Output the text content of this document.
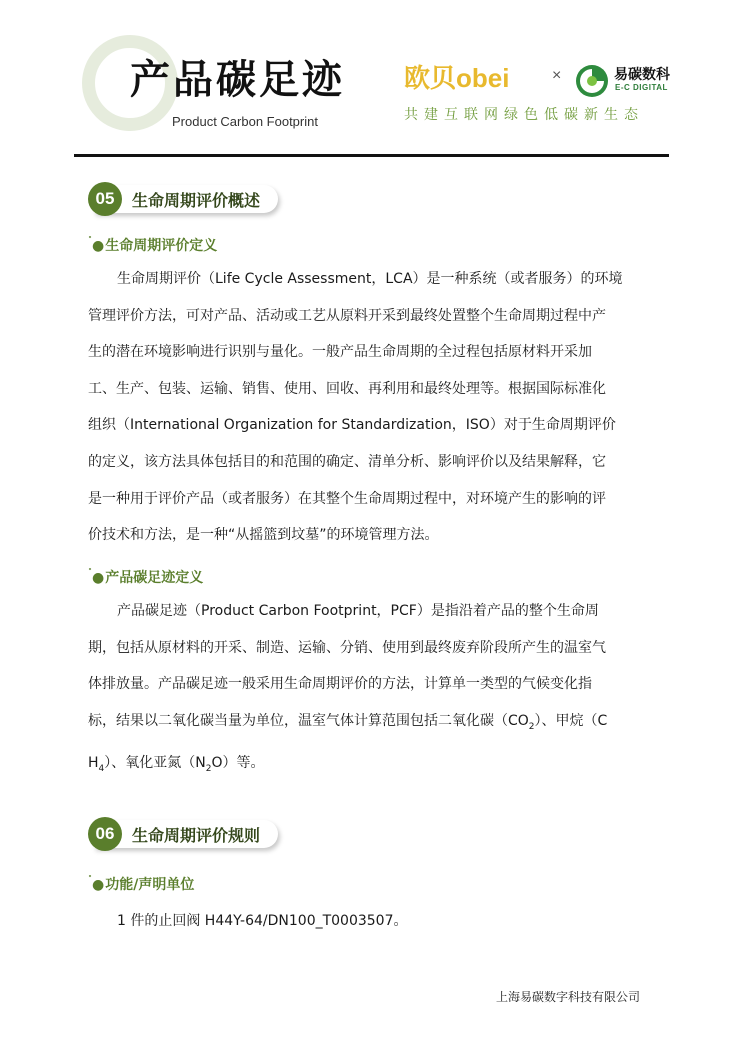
产品碳足迹
Product Carbon Footprint
欧贝obei	×	易碳数科
E-C DIGITAL
共建互联网绿色低碳新生态
05	生命周期评价概述
˚●生命周期评价定义
生命周期评价（Life Cycle Assessment，LCA）是一种系统（或者服务）的环境
管理评价方法，可对产品、活动或工艺从原料开采到最终处置整个生命周期过程中产
生的潜在环境影响进行识别与量化。一般产品生命周期的全过程包括原材料开采加
工、生产、包装、运输、销售、使用、回收、再利用和最终处理等。根据国际标准化
组织（International Organization for Standardization，ISO）对于生命周期评价
的定义，该方法具体包括目的和范围的确定、清单分析、影响评价以及结果解释，它
是一种用于评价产品（或者服务）在其整个生命周期过程中，对环境产生的影响的评
价技术和方法，是一种“从摇篮到坟墓”的环境管理方法。
˚●产品碳足迹定义
产品碳足迹（Product Carbon Footprint，PCF）是指沿着产品的整个生命周
期，包括从原材料的开采、制造、运输、分销、使用到最终废弃阶段所产生的温室气
体排放量。产品碳足迹一般采用生命周期评价的方法，计算单一类型的气候变化指
标，结果以二氧化碳当量为单位，温室气体计算范围包括二氧化碳$(CO_2)$、甲烷（C
$H_4$）、氧化亚氮$(N_2O)$等。
06	生命周期评价规则
˚●功能/声明单位
1 件的止回阀 H44Y-64/DN100_T0003507。
上海易碳数字科技有限公司
